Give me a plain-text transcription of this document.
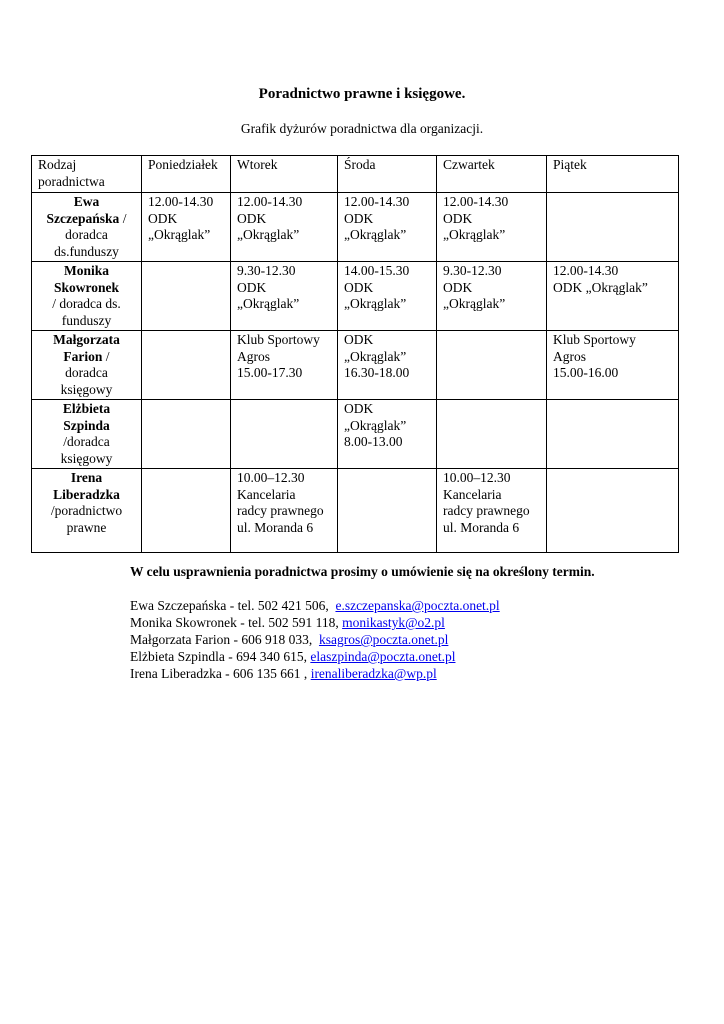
Poradnictwo prawne i księgowe.
Grafik dyżurów poradnictwa dla organizacji.
Rodzaj
poradnictwa	Poniedziałek	Wtorek	Środa	Czwartek	Piątek

Ewa
Szczepańska /
doradca
ds.funduszy	12.00-14.30
ODK
„Okrąglak”	12.00-14.30
ODK
„Okrąglak”	12.00-14.30
ODK
„Okrąglak”	12.00-14.30
ODK
„Okrąglak”	

Monika
Skowronek
/ doradca ds.
funduszy		9.30-12.30
ODK
„Okrąglak”	14.00-15.30
ODK
„Okrąglak”	9.30-12.30
ODK
„Okrąglak”	12.00-14.30
ODK „Okrąglak”

Małgorzata
Farion /
doradca
księgowy		Klub Sportowy
Agros
15.00-17.30	ODK
„Okrąglak”
16.30-18.00		Klub Sportowy
Agros
15.00-16.00

Elżbieta
Szpinda
/doradca
księgowy			ODK
„Okrąglak”
8.00-13.00		

Irena
Liberadzka
/poradnictwo
prawne		10.00–12.30
Kancelaria
radcy prawnego
ul. Moranda 6		10.00–12.30
Kancelaria
radcy prawnego
ul. Moranda 6	

W celu usprawnienia poradnictwa prosimy o umówienie się na określony termin.
Ewa Szczepańska - tel. 502 421 506,  e.szczepanska@poczta.onet.pl
Monika Skowronek - tel. 502 591 118, monikastyk@o2.pl
Małgorzata Farion - 606 918 033,  ksagros@poczta.onet.pl
Elżbieta Szpindla - 694 340 615, elaszpinda@poczta.onet.pl
Irena Liberadzka - 606 135 661 , irenaliberadzka@wp.pl
